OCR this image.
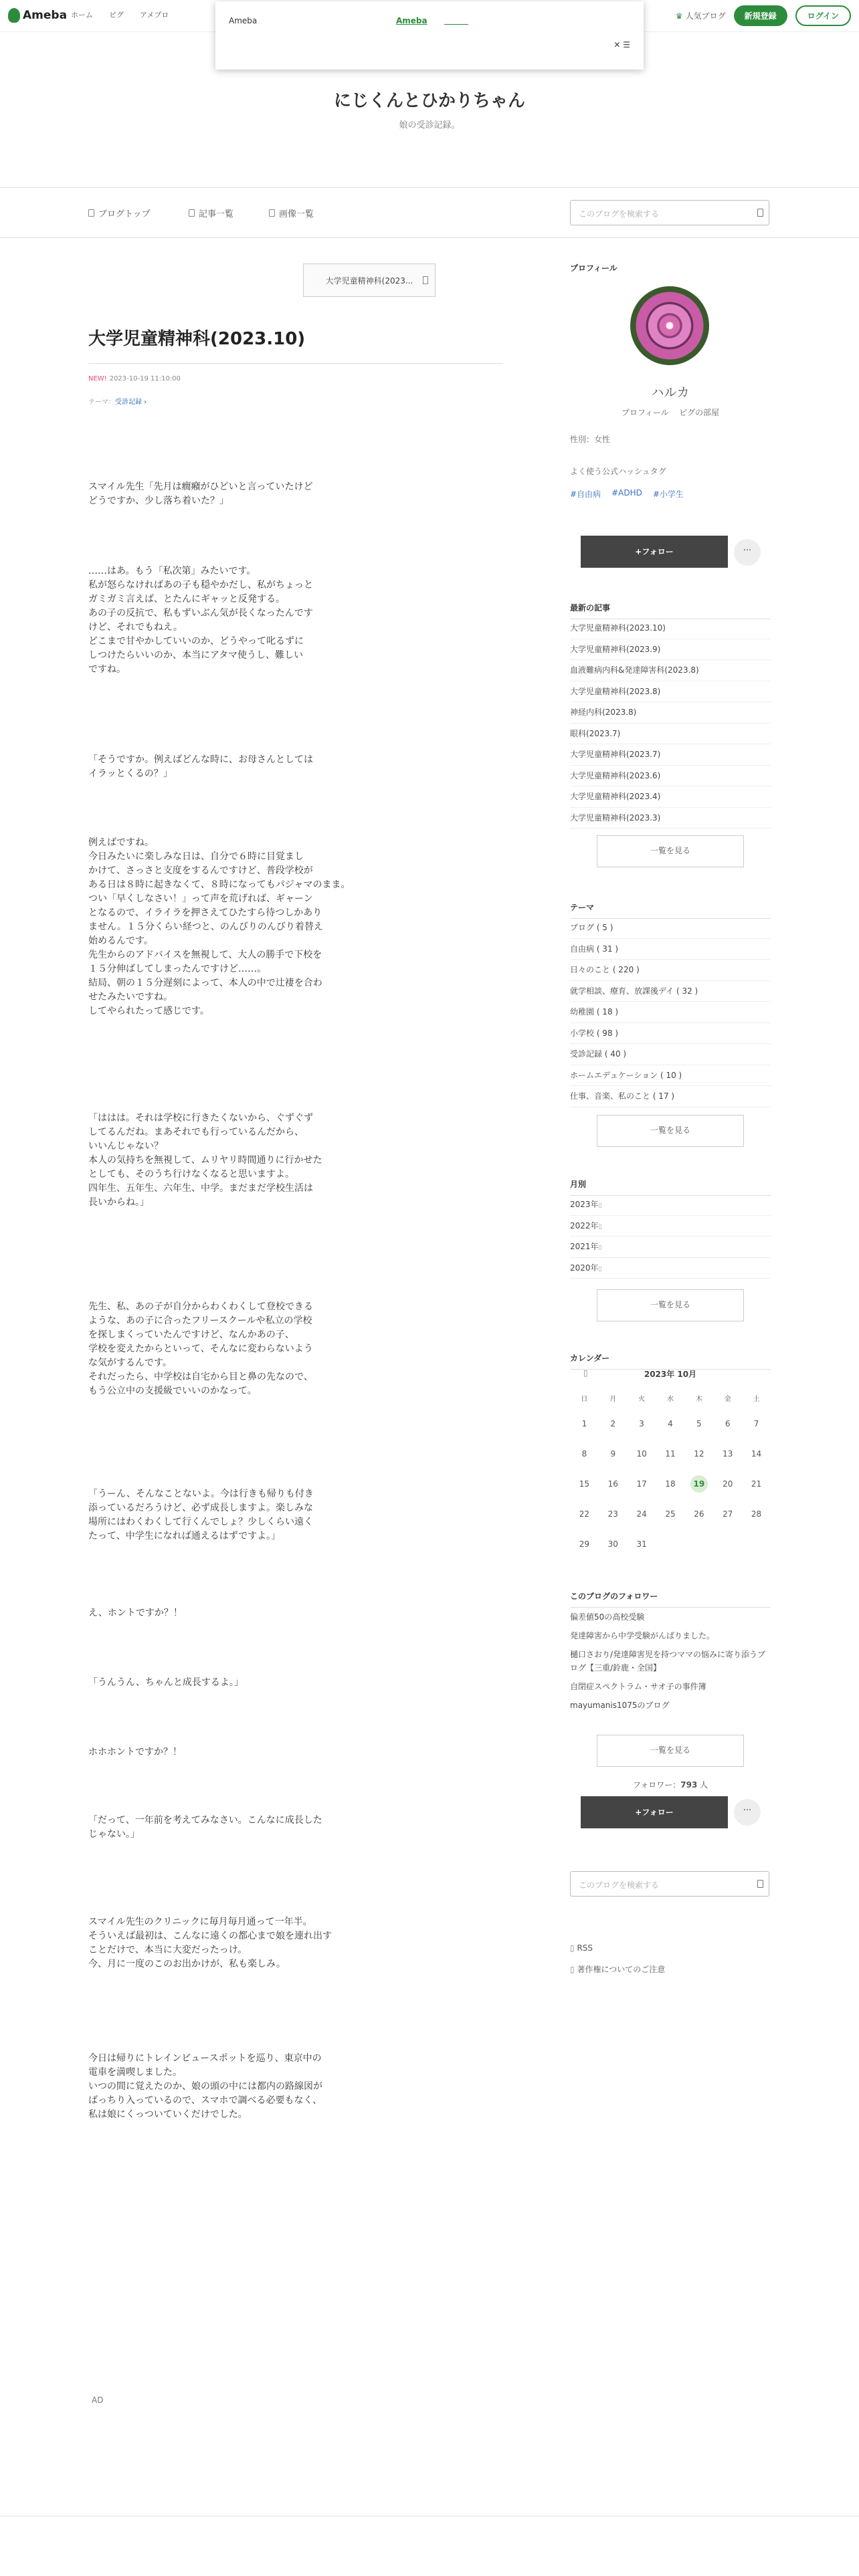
Ameba ホーム ピグ アメブロ	♛ 人気ブログ	新規登録	ログイン
Ameba	Ameba
✕ ☰
にじくんとひかりちゃん
娘の受診記録。
ブログトップ	記事一覧	画像一覧	このブログを検索する
大学児童精神科(2023...
大学児童精神科(2023.10)
NEW! 2023-10-19 11:10:00
テーマ：受診記録 ›
スマイル先生「先月は癇癪がひどいと言っていたけど
どうですか、少し落ち着いた？」
……はあ。もう「私次第」みたいです。
私が怒らなければあの子も穏やかだし、私がちょっと
ガミガミ言えば、とたんにギャッと反発する。
あの子の反抗で、私もずいぶん気が長くなったんです
けど、それでもねえ。
どこまで甘やかしていいのか、どうやって叱るずに
しつけたらいいのか、本当にアタマ使うし、難しい
ですね。
「そうですか。例えばどんな時に、お母さんとしては
イラッとくるの？」
例えばですね。
今日みたいに楽しみな日は、自分で６時に目覚まし
かけて、さっさと支度をするんですけど、普段学校が
ある日は８時に起きなくて、８時になってもパジャマのまま。
つい「早くしなさい！」って声を荒げれば、ギャーン
となるので、イライラを押さえてひたすら待つしかあり
ません。１５分くらい経つと、のんびりのんびり着替え
始めるんです。
先生からのアドバイスを無視して、大人の勝手で下校を
１５分伸ばしてしまったんですけど……。
結局、朝の１５分遅刻によって、本人の中で辻褄を合わ
せたみたいですね。
してやられたって感じです。
「ははは。それは学校に行きたくないから、ぐずぐず
してるんだね。まあそれでも行っているんだから、
いいんじゃない？
本人の気持ちを無視して、ムリヤリ時間通りに行かせた
としても、そのうち行けなくなると思いますよ。
四年生、五年生、六年生、中学。まだまだ学校生活は
長いからね。」
先生、私、あの子が自分からわくわくして登校できる
ような、あの子に合ったフリースクールや私立の学校
を探しまくっていたんですけど、なんかあの子、
学校を変えたからといって、そんなに変わらないよう
な気がするんです。
それだったら、中学校は自宅から目と鼻の先なので、
もう公立中の支援級でいいのかなって。
「うーん、そんなことないよ。今は行きも帰りも付き
添っているだろうけど、必ず成長しますよ。楽しみな
場所にはわくわくして行くんでしょ？少しくらい遠く
たって、中学生になれば通えるはずですよ。」
え、ホントですか？！
「うんうん、ちゃんと成長するよ。」
ホホホントですか？！
「だって、一年前を考えてみなさい。こんなに成長した
じゃない。」
スマイル先生のクリニックに毎月毎月通って一年半。
そういえば最初は、こんなに遠くの都心まで娘を連れ出す
ことだけで、本当に大変だったっけ。
今、月に一度のこのお出かけが、私も楽しみ。
今日は帰りにトレインビュースポットを巡り、東京中の
電車を満喫しました。
いつの間に覚えたのか、娘の頭の中には都内の路線図が
ばっちり入っているので、スマホで調べる必要もなく、
私は娘にくっついていくだけでした。
AD
プロフィール
ハルカ
プロフィール ピグの部屋
性別：女性
よく使う公式ハッシュタグ
#自由病 #ADHD #小学生
+フォロー	···
最新の記事
大学児童精神科(2023.10)
大学児童精神科(2023.9)
血液難病内科&発達障害科(2023.8)
大学児童精神科(2023.8)
神経内科(2023.8)
眼科(2023.7)
大学児童精神科(2023.7)
大学児童精神科(2023.6)
大学児童精神科(2023.4)
大学児童精神科(2023.3)
一覧を見る
テーマ
ブログ ( 5 )
自由病 ( 31 )
日々のこと ( 220 )
就学相談、療育、放課後デイ ( 32 )
幼稚園 ( 18 )
小学校 ( 98 )
受診記録 ( 40 )
ホームエデュケーション ( 10 )
仕事、音楽、私のこと ( 17 )
一覧を見る
月別
2023年▯
2022年▯
2021年▯
2020年▯
一覧を見る
カレンダー
▯	2023年 10月
日	月	火	水	木	金	土
1	2	3	4	5	6	7
8	9	10	11	12	13	14
15	16	17	18	19	20	21
22	23	24	25	26	27	28
29	30	31				
このブログのフォロワー
偏差値50の高校受験
発達障害から中学受験がんばりました。
樋口さおり/発達障害児を持つママの悩みに寄り添うブログ【三重/鈴鹿・全国】
自閉症スペクトラム・サオ子の事件簿
mayumanis1075のブログ
一覧を見る
フォロワー：793 人
+フォロー	···
このブログを検索する
▯ RSS
▯ 著作権についてのご注意
